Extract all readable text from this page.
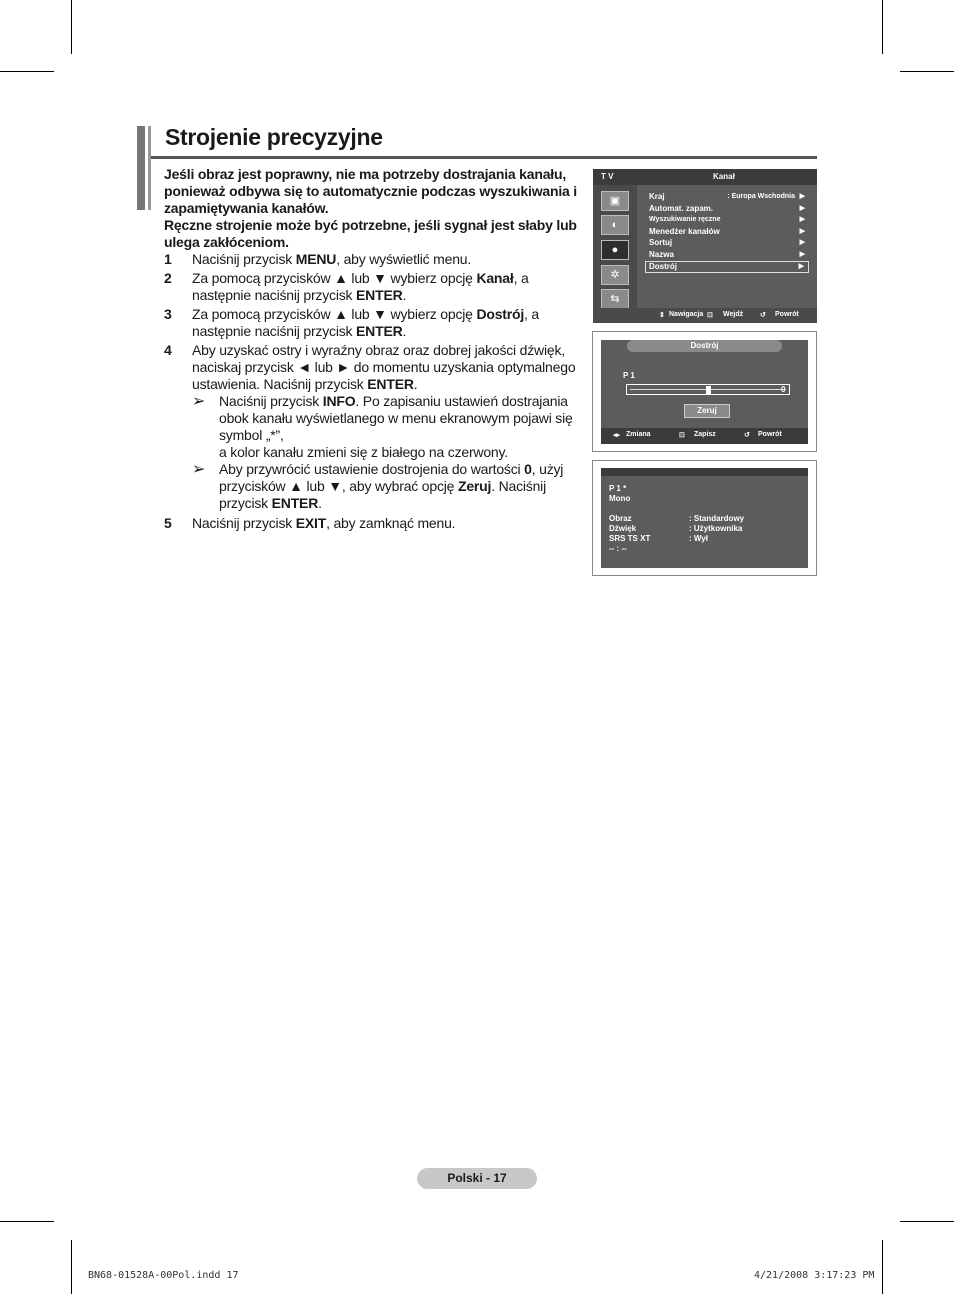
Strojenie precyzyjne

Jeśli obraz jest poprawny, nie ma potrzeby dostrajania kanału, ponieważ odbywa się to automatycznie podczas wyszukiwania i zapamiętywania kanałów.

Ręczne strojenie może być potrzebne, jeśli sygnał jest słaby lub ulega zakłóceniom.

1 Naciśnij przycisk MENU, aby wyświetlić menu.
2 Za pomocą przycisków ▲ lub ▼ wybierz opcję Kanał, a następnie naciśnij przycisk ENTER.
3 Za pomocą przycisków ▲ lub ▼ wybierz opcję Dostrój, a następnie naciśnij przycisk ENTER.
4 Aby uzyskać ostry i wyraźny obraz oraz dobrej jakości dźwięk, naciskaj przycisk ◄ lub ► do momentu uzyskania optymalnego ustawienia. Naciśnij przycisk ENTER.
➢ Naciśnij przycisk INFO. Po zapisaniu ustawień dostrajania obok kanału wyświetlanego w menu ekranowym pojawi się symbol „*”,
a kolor kanału zmieni się z białego na czerwony.
➢ Aby przywrócić ustawienie dostrojenia do wartości 0, użyj przycisków ▲ lub ▼, aby wybrać opcję Zeruj. Naciśnij przycisk ENTER.
5 Naciśnij przycisk EXIT, aby zamknąć menu.
T V	Kanał
▣
◐
●
✲
⇆
Kraj	: Europa Wschodnia ▶
Automat. zapam.	▶
Wyszukiwanie ręczne	▶
Menedżer kanałów	▶
Sortuj	▶
Nazwa	▶
Dostrój	▶
⇕ Nawigacja ⊡ Wejdź ↺ Powrót
Dostrój
P 1
0
Zeruj
◂▸ Zmiana	⊡ Zapisz	↺ Powrót
P 1 *
Mono
Obraz	: Standardowy
Dźwięk	: Użytkownika
SRS TS XT	: Wył
-- : --
Polski - 17
BN68-01528A-00Pol.indd 17	4/21/2008 3:17:23 PM
